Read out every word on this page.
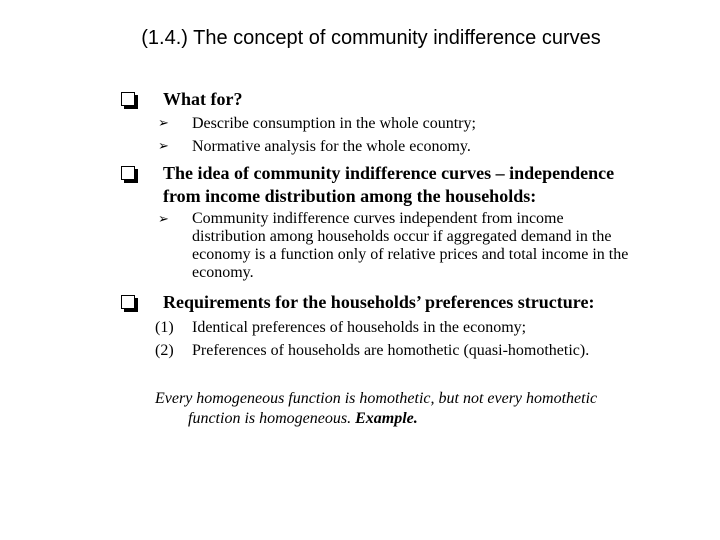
(1.4.) The concept of community indifference curves
What for?
➢ Describe consumption in the whole country;
➢ Normative analysis for the whole economy.
The idea of community indifference curves – independence
from income distribution among the households:
➢ Community indifference curves independent from income
distribution among households occur if aggregated demand in the
economy is a function only of relative prices and total income in the
economy.
Requirements for the households’ preferences structure:
(1) Identical preferences of households in the economy;
(2) Preferences of households are homothetic (quasi-homothetic).
Every homogeneous function is homothetic, but not every homothetic
function is homogeneous. Example.
